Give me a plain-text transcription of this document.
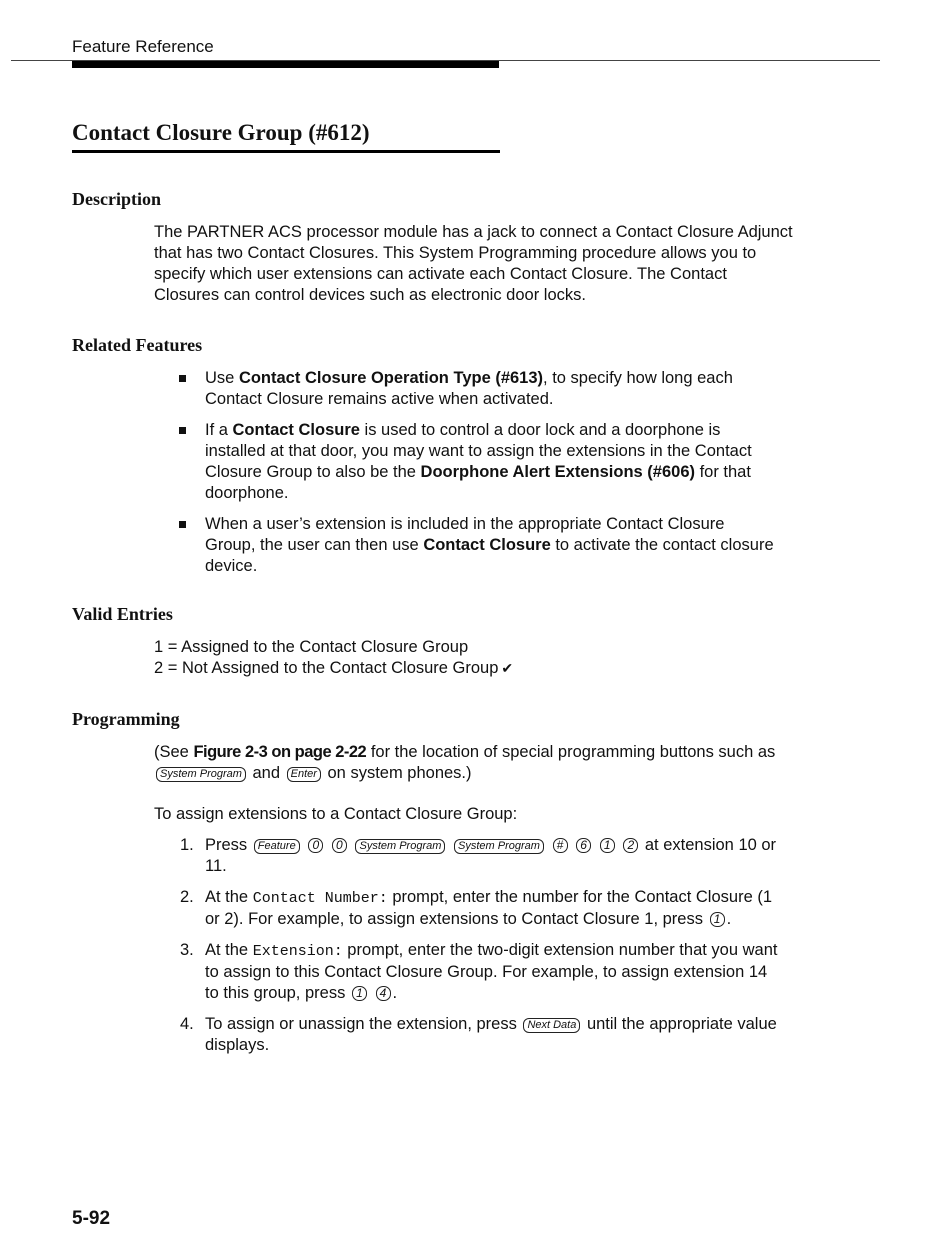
Feature Reference
Contact Closure Group (#612)
Description

The PARTNER ACS processor module has a jack to connect a Contact Closure Adjunct that has two Contact Closures. This System Programming procedure allows you to specify which user extensions can activate each Contact Closure. The Contact Closures can control devices such as electronic door locks.

Related Features
Use Contact Closure Operation Type (#613), to specify how long each Contact Closure remains active when activated.
If a Contact Closure is used to control a door lock and a doorphone is installed at that door, you may want to assign the extensions in the Contact Closure Group to also be the Doorphone Alert Extensions (#606) for that doorphone.
When a user’s extension is included in the appropriate Contact Closure Group, the user can then use Contact Closure to activate the contact closure device.
Valid Entries
1 = Assigned to the Contact Closure Group
2 = Not Assigned to the Contact Closure Group ✔
Programming

(See Figure 2-3 on page 2-22 for the location of special programming buttons such as System Program and Enter on system phones.)

To assign extensions to a Contact Closure Group:

1. Press Feature 0 0 System Program System Program # 6 1 2 at extension 10 or 11.
2. At the Contact Number: prompt, enter the number for the Contact Closure (1 or 2). For example, to assign extensions to Contact Closure 1, press 1 .
3. At the Extension: prompt, enter the two-digit extension number that you want to assign to this Contact Closure Group. For example, to assign extension 14 to this group, press 1 4 .
4. To assign or unassign the extension, press Next Data until the appropriate value displays.
5-92
